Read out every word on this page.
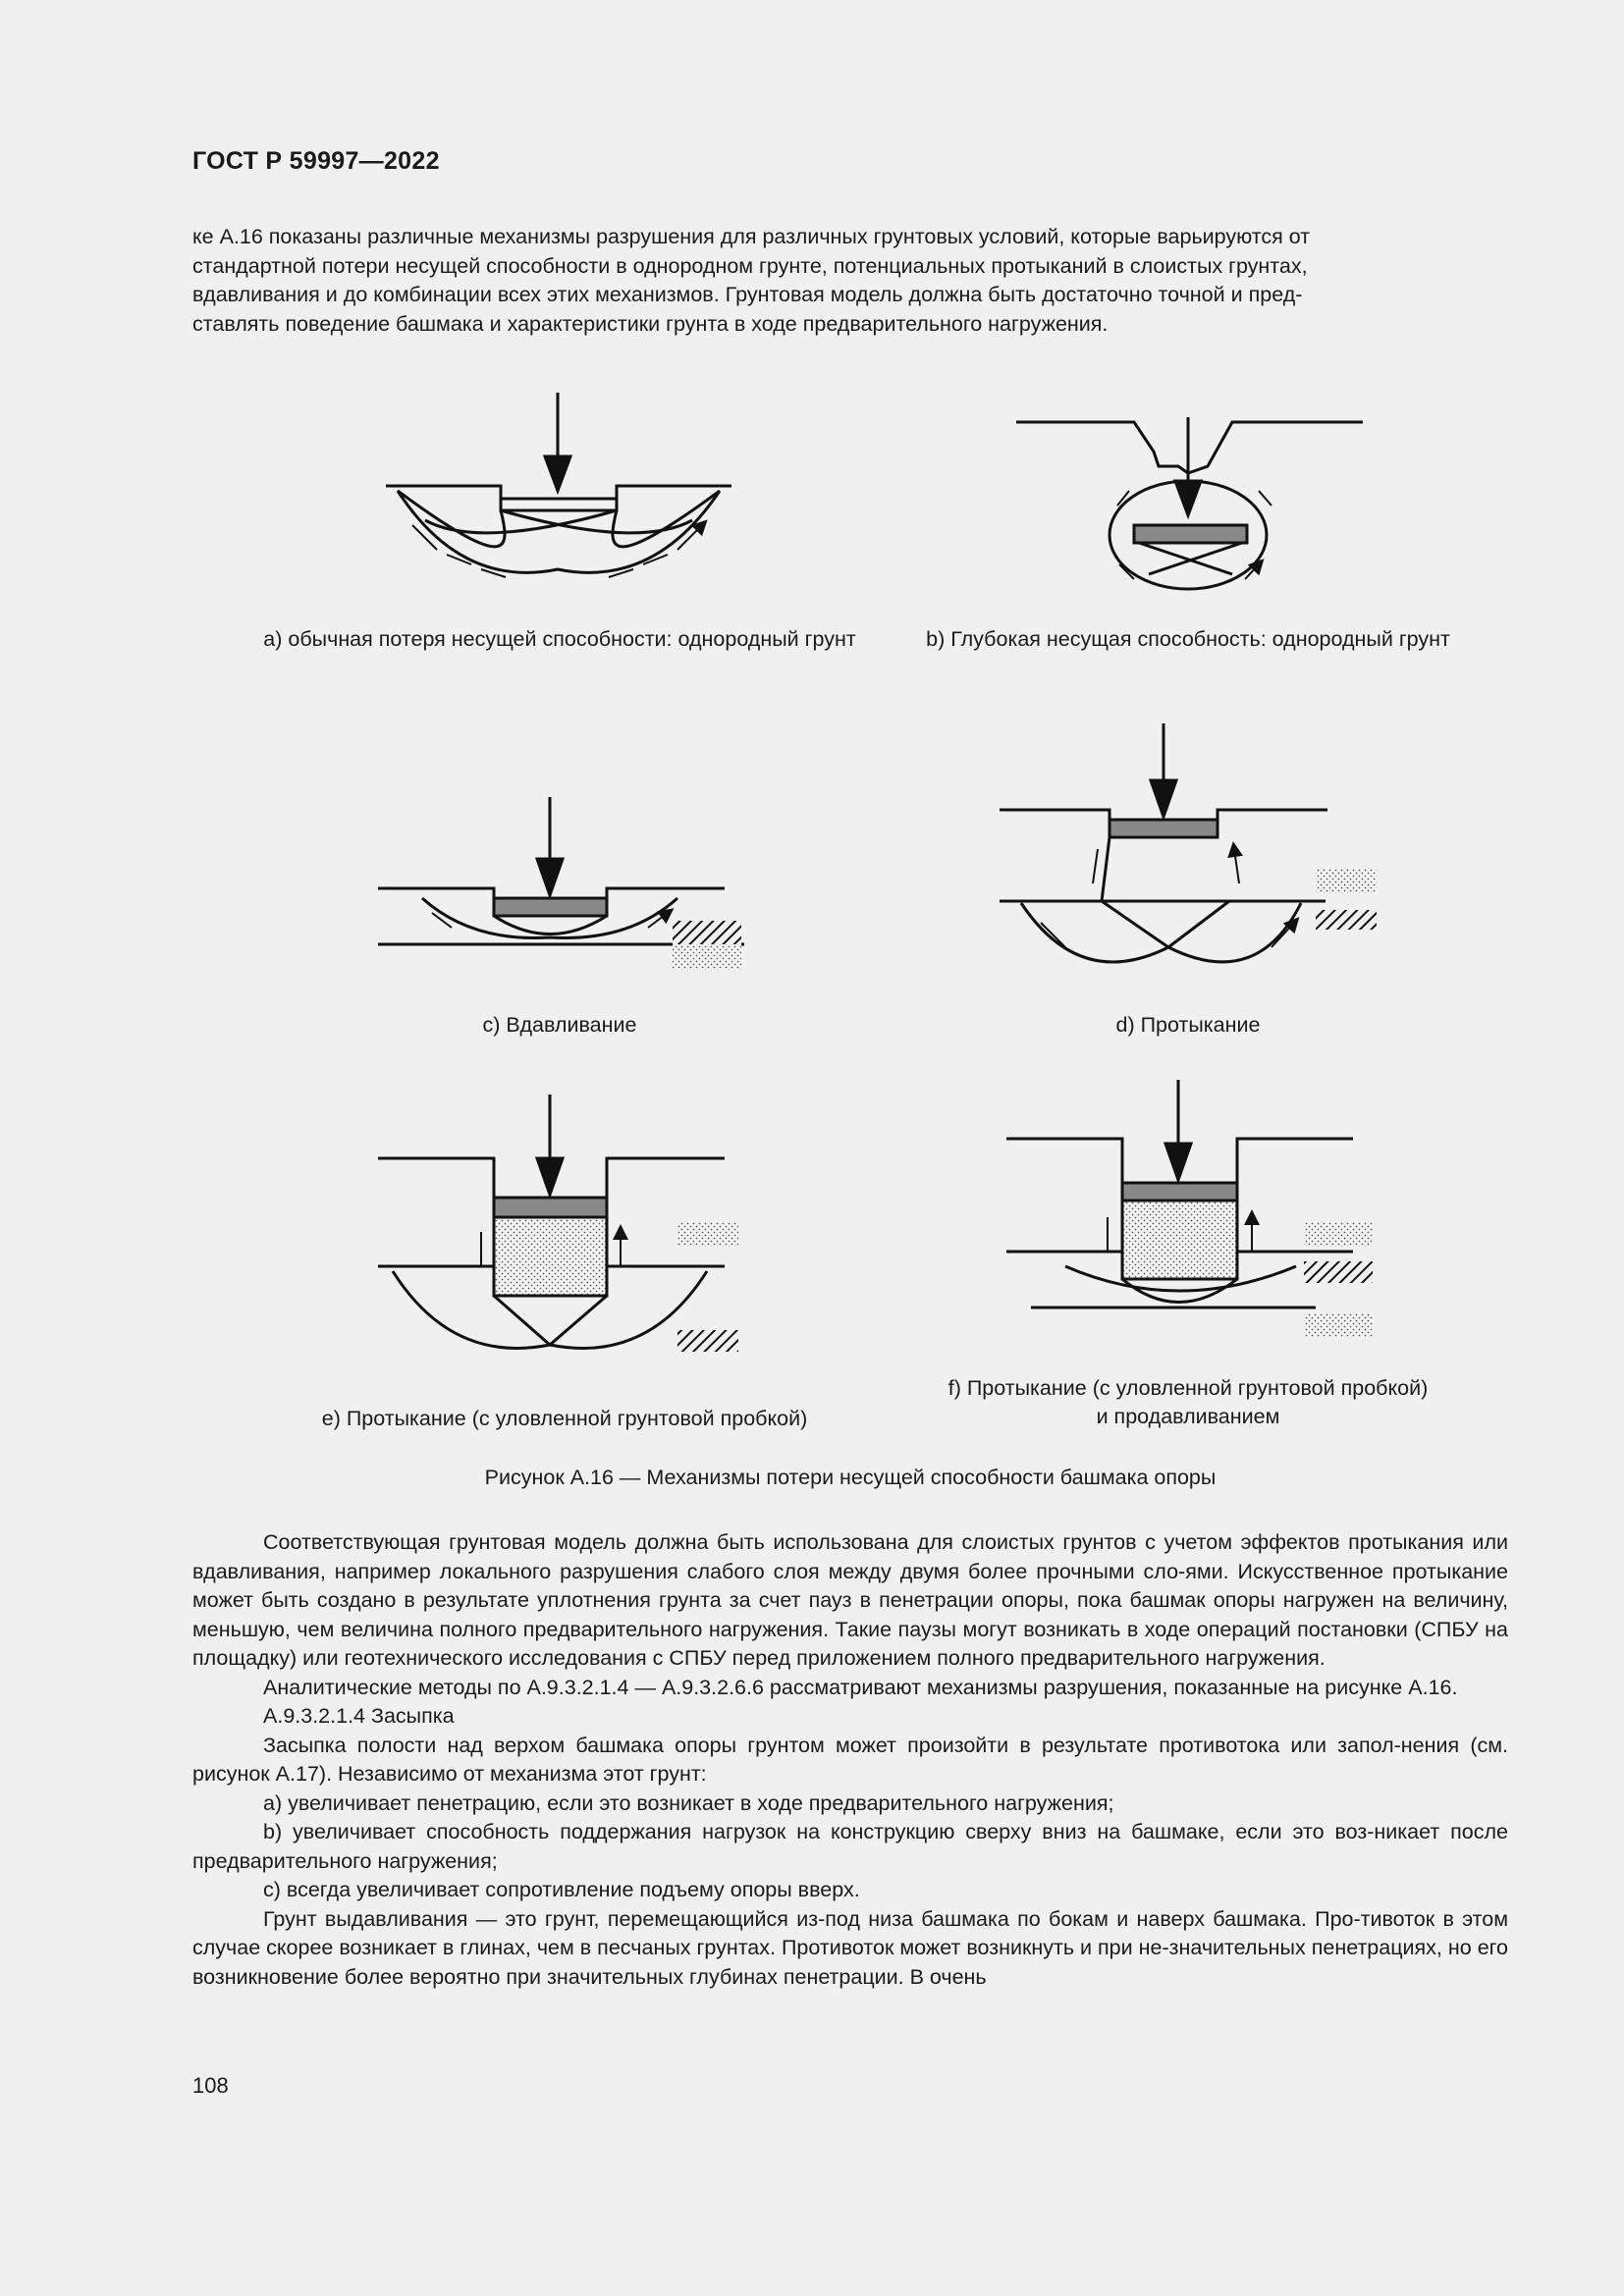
ГОСТ Р 59997—2022

ке А.16 показаны различные механизмы разрушения для различных грунтовых условий, которые варьируются от

стандартной потери несущей способности в однородном грунте, потенциальных протыканий в слоистых грунтах,

вдавливания и до комбинации всех этих механизмов. Грунтовая модель должна быть достаточно точной и пред-

ставлять поведение башмака и характеристики грунта в ходе предварительного нагружения.

a) обычная потеря несущей способности: однородный грунт	b) Глубокая несущая способность: однородный грунт
c) Вдавливание	d) Протыкание
e) Протыкание (с уловленной грунтовой пробкой)
f) Протыкание (с уловленной грунтовой пробкой) и продавливанием
Рисунок А.16 — Механизмы потери несущей способности башмака опоры

Соответствующая грунтовая модель должна быть использована для слоистых грунтов с учетом эффектов протыкания или вдавливания, например локального разрушения слабого слоя между двумя более прочными сло-ями. Искусственное протыкание может быть создано в результате уплотнения грунта за счет пауз в пенетрации опоры, пока башмак опоры нагружен на величину, меньшую, чем величина полного предварительного нагружения. Такие паузы могут возникать в ходе операций постановки (СПБУ на площадку) или геотехнического исследования с СПБУ перед приложением полного предварительного нагружения.

Аналитические методы по А.9.3.2.1.4 — А.9.3.2.6.6 рассматривают механизмы разрушения, показанные на рисунке А.16.

А.9.3.2.1.4 Засыпка

Засыпка полости над верхом башмака опоры грунтом может произойти в результате противотока или запол-нения (см. рисунок А.17). Независимо от механизма этот грунт:

a) увеличивает пенетрацию, если это возникает в ходе предварительного нагружения;

b) увеличивает способность поддержания нагрузок на конструкцию сверху вниз на башмаке, если это воз-никает после предварительного нагружения;

c) всегда увеличивает сопротивление подъему опоры вверх.

Грунт выдавливания — это грунт, перемещающийся из-под низа башмака по бокам и наверх башмака. Про-тивоток в этом случае скорее возникает в глинах, чем в песчаных грунтах. Противоток может возникнуть и при не-значительных пенетрациях, но его возникновение более вероятно при значительных глубинах пенетрации. В очень

108
